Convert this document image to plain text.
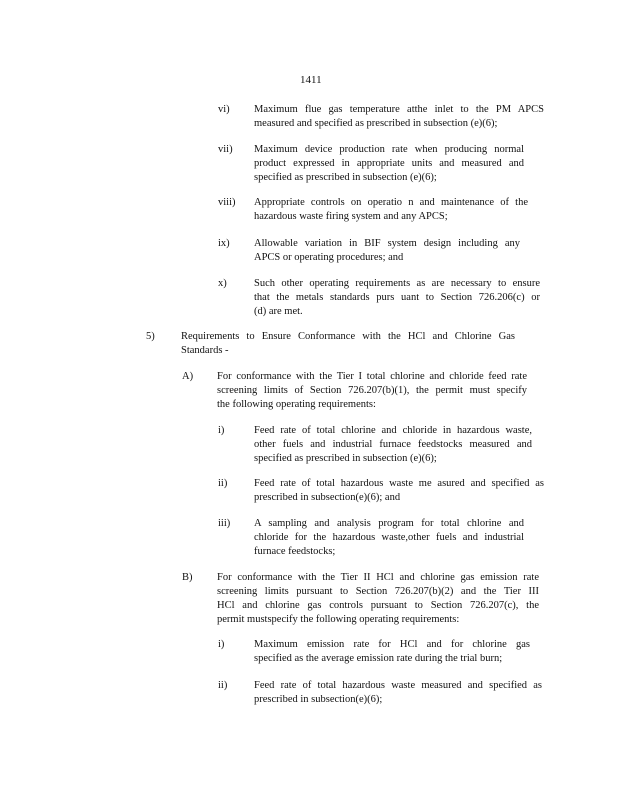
1411
vi) Maximum flue gas temperature atthe inlet to the PM APCS
measured and specified as prescribed in subsection (e)(6);
vii) Maximum device production rate when producing normal
product expressed in appropriate units and measured and
specified as prescribed in subsection (e)(6);
viii) Appropriate controls on operatio n and maintenance of the
hazardous waste firing system and any APCS;
ix) Allowable variation in BIF system design including any
APCS or operating procedures; and
x)	Such other operating requirements as are necessary to ensure
that the metals standards purs uant to Section 726.206(c) or
(d) are met.
5)	Requirements to Ensure Conformance with the HCl and Chlorine Gas
Standards -
A) For conformance with the Tier I total chlorine and chloride feed rate
screening limits of Section 726.207(b)(1), the permit must specify
the following operating requirements:
i)	Feed rate of total chlorine and chloride in hazardous waste,
other fuels and industrial furnace feedstocks measured and
specified as prescribed in subsection (e)(6);
ii)	Feed rate of total hazardous waste me asured and specified as
prescribed in subsection(e)(6); and
iii) A sampling and analysis program for total chlorine and
chloride for the hazardous waste,other fuels and industrial
furnace feedstocks;
B) For conformance with the Tier II HCl and chlorine gas emission rate
screening limits pursuant to Section 726.207(b)(2) and the Tier III
HCl and chlorine gas controls pursuant to Section 726.207(c), the
permit mustspecify the following operating requirements:
i)	Maximum emission rate for HCl and for chlorine gas
specified as the average emission rate during the trial burn;
ii)	Feed rate of total hazardous waste measured and specified as
prescribed in subsection(e)(6);
